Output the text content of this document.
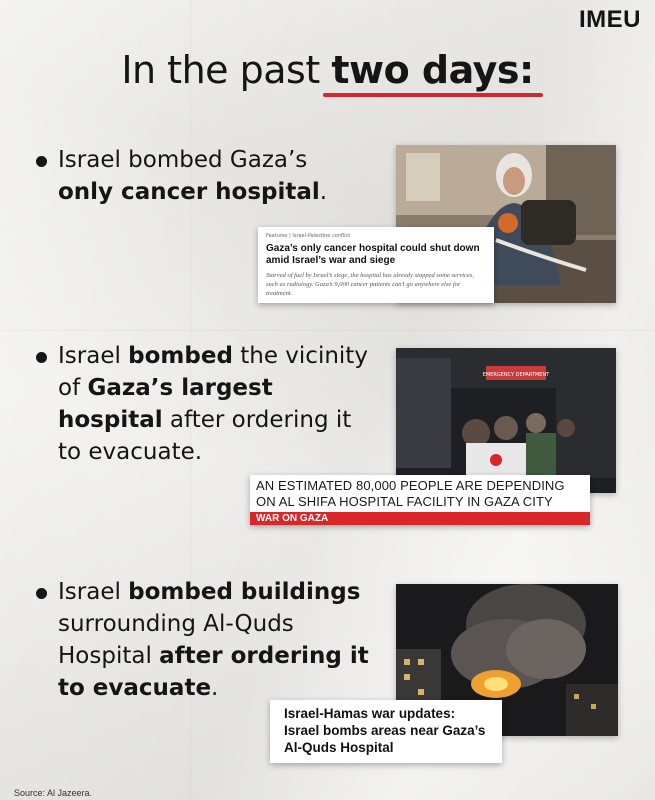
IMEU
In the past two days:
Israel bombed Gaza’s
only cancer hospital.
Features | Israel-Palestine conflict
Gaza’s only cancer hospital could shut down amid Israel’s war and siege
Starved of fuel by Israel’s siege, the hospital has already stopped some services, such as radiology. Gaza’s 9,000 cancer patients can’t go anywhere else for treatment.
Israel bombed the vicinity of Gaza’s largest hospital after ordering it to evacuate.
EMERGENCY DEPARTMENT
AN ESTIMATED 80,000 PEOPLE ARE DEPENDING
ON AL SHIFA HOSPITAL FACILITY IN GAZA CITY
WAR ON GAZA
Israel bombed buildings surrounding Al-Quds Hospital after ordering it to evacuate.
Israel-Hamas war updates:
Israel bombs areas near Gaza’s
Al-Quds Hospital
Source: Al Jazeera.
